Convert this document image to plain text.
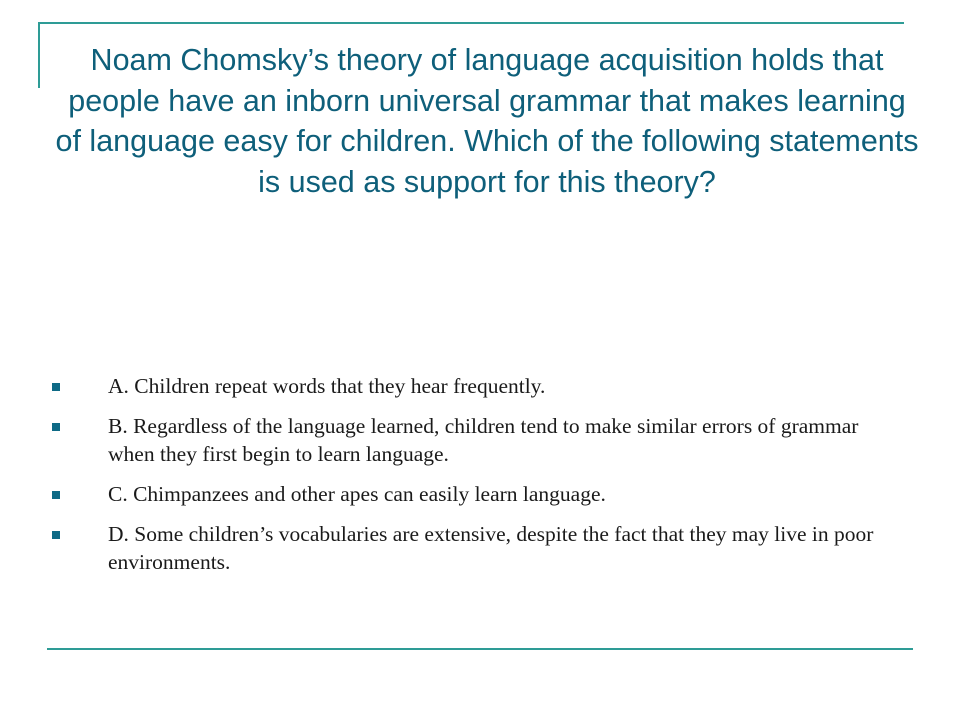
Noam Chomsky’s theory of language acquisition holds that people have an inborn universal grammar that makes learning of language easy for children. Which of the following statements is used as support for this theory?
A. Children repeat words that they hear frequently.
B. Regardless of the language learned, children tend to make similar errors of grammar when they first begin to learn language.
C. Chimpanzees and other apes can easily learn language.
D. Some children’s vocabularies are extensive, despite the fact that they may live in poor environments.
